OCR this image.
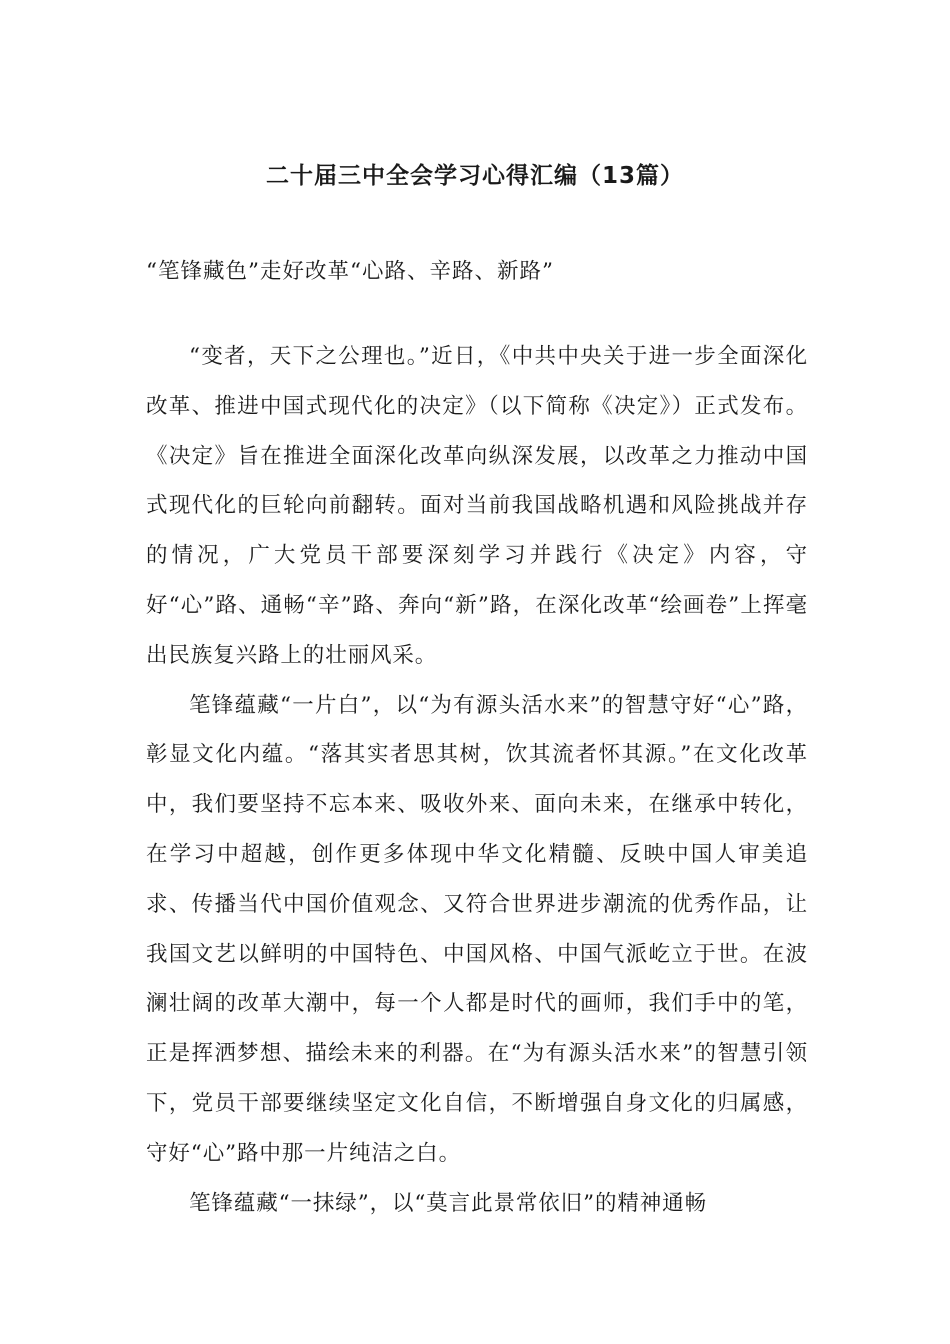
二十届三中全会学习心得汇编（13篇）

“笔锋藏色”走好改革“心路、辛路、新路”

“变者，天下之公理也。”近日，《中共中央关于进一步全面深化改革、推进中国式现代化的决定》（以下简称《决定》）正式发布。《决定》旨在推进全面深化改革向纵深发展，以改革之力推动中国式现代化的巨轮向前翻转。面对当前我国战略机遇和风险挑战并存的情况，广大党员干部要深刻学习并践行《决定》内容，守好“心”路、通畅“辛”路、奔向“新”路，在深化改革“绘画卷”上挥毫出民族复兴路上的壮丽风采。

笔锋蕴藏“一片白”，以“为有源头活水来”的智慧守好“心”路，彰显文化内蕴。“落其实者思其树，饮其流者怀其源。”在文化改革中，我们要坚持不忘本来、吸收外来、面向未来，在继承中转化，在学习中超越，创作更多体现中华文化精髓、反映中国人审美追求、传播当代中国价值观念、又符合世界进步潮流的优秀作品，让我国文艺以鲜明的中国特色、中国风格、中国气派屹立于世。在波澜壮阔的改革大潮中，每一个人都是时代的画师，我们手中的笔，正是挥洒梦想、描绘未来的利器。在“为有源头活水来”的智慧引领下，党员干部要继续坚定文化自信，不断增强自身文化的归属感，守好“心”路中那一片纯洁之白。

笔锋蕴藏“一抹绿”，以“莫言此景常依旧”的精神通畅
